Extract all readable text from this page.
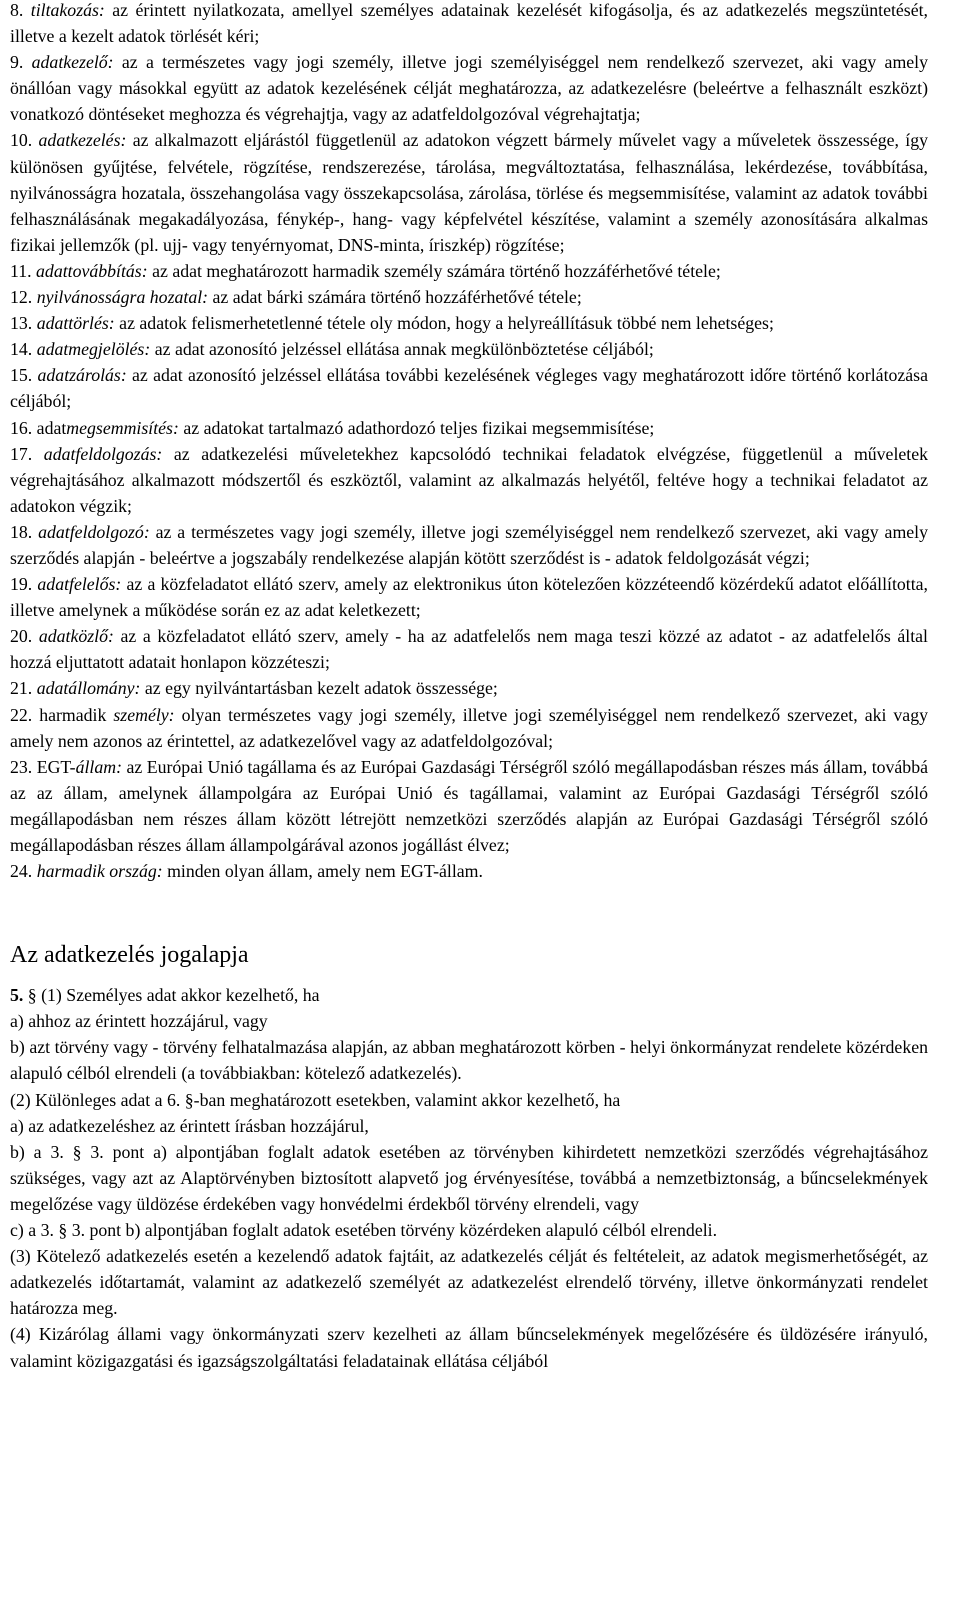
8. tiltakozás: az érintett nyilatkozata, amellyel személyes adatainak kezelését kifogásolja, és az adatkezelés megszüntetését, illetve a kezelt adatok törlését kéri;

9. adatkezelő: az a természetes vagy jogi személy, illetve jogi személyiséggel nem rendelkező szervezet, aki vagy amely önállóan vagy másokkal együtt az adatok kezelésének célját meghatározza, az adatkezelésre (beleértve a felhasznált eszközt) vonatkozó döntéseket meghozza és végrehajtja, vagy az adatfeldolgozóval végrehajtatja;

10. adatkezelés: az alkalmazott eljárástól függetlenül az adatokon végzett bármely művelet vagy a műveletek összessége, így különösen gyűjtése, felvétele, rögzítése, rendszerezése, tárolása, megváltoztatása, felhasználása, lekérdezése, továbbítása, nyilvánosságra hozatala, összehangolása vagy összekapcsolása, zárolása, törlése és megsemmisítése, valamint az adatok további felhasználásának megakadályozása, fénykép-, hang- vagy képfelvétel készítése, valamint a személy azonosítására alkalmas fizikai jellemzők (pl. ujj- vagy tenyérnyomat, DNS-minta, íriszkép) rögzítése;

11. adattovábbítás: az adat meghatározott harmadik személy számára történő hozzáférhetővé tétele;

12. nyilvánosságra hozatal: az adat bárki számára történő hozzáférhetővé tétele;

13. adattörlés: az adatok felismerhetetlenné tétele oly módon, hogy a helyreállításuk többé nem lehetséges;

14. adatmegjelölés: az adat azonosító jelzéssel ellátása annak megkülönböztetése céljából;

15. adatzárolás: az adat azonosító jelzéssel ellátása további kezelésének végleges vagy meghatározott időre történő korlátozása céljából;

16. adatmegsemmisítés: az adatokat tartalmazó adathordozó teljes fizikai megsemmisítése;

17. adatfeldolgozás: az adatkezelési műveletekhez kapcsolódó technikai feladatok elvégzése, függetlenül a műveletek végrehajtásához alkalmazott módszertől és eszköztől, valamint az alkalmazás helyétől, feltéve hogy a technikai feladatot az adatokon végzik;

18. adatfeldolgozó: az a természetes vagy jogi személy, illetve jogi személyiséggel nem rendelkező szervezet, aki vagy amely szerződés alapján - beleértve a jogszabály rendelkezése alapján kötött szerződést is - adatok feldolgozását végzi;

19. adatfelelős: az a közfeladatot ellátó szerv, amely az elektronikus úton kötelezően közzéteendő közérdekű adatot előállította, illetve amelynek a működése során ez az adat keletkezett;

20. adatközlő: az a közfeladatot ellátó szerv, amely - ha az adatfelelős nem maga teszi közzé az adatot - az adatfelelős által hozzá eljuttatott adatait honlapon közzéteszi;

21. adatállomány: az egy nyilvántartásban kezelt adatok összessége;

22. harmadik személy: olyan természetes vagy jogi személy, illetve jogi személyiséggel nem rendelkező szervezet, aki vagy amely nem azonos az érintettel, az adatkezelővel vagy az adatfeldolgozóval;

23. EGT-állam: az Európai Unió tagállama és az Európai Gazdasági Térségről szóló megállapodásban részes más állam, továbbá az az állam, amelynek állampolgára az Európai Unió és tagállamai, valamint az Európai Gazdasági Térségről szóló megállapodásban nem részes állam között létrejött nemzetközi szerződés alapján az Európai Gazdasági Térségről szóló megállapodásban részes állam állampolgárával azonos jogállást élvez;

24. harmadik ország: minden olyan állam, amely nem EGT-állam.

Az adatkezelés jogalapja

5. § (1) Személyes adat akkor kezelhető, ha

a) ahhoz az érintett hozzájárul, vagy

b) azt törvény vagy - törvény felhatalmazása alapján, az abban meghatározott körben - helyi önkormányzat rendelete közérdeken alapuló célból elrendeli (a továbbiakban: kötelező adatkezelés).

(2) Különleges adat a 6. §-ban meghatározott esetekben, valamint akkor kezelhető, ha

a) az adatkezeléshez az érintett írásban hozzájárul,

b) a 3. § 3. pont a) alpontjában foglalt adatok esetében az törvényben kihirdetett nemzetközi szerződés végrehajtásához szükséges, vagy azt az Alaptörvényben biztosított alapvető jog érvényesítése, továbbá a nemzetbiztonság, a bűncselekmények megelőzése vagy üldözése érdekében vagy honvédelmi érdekből törvény elrendeli, vagy

c) a 3. § 3. pont b) alpontjában foglalt adatok esetében törvény közérdeken alapuló célból elrendeli.

(3) Kötelező adatkezelés esetén a kezelendő adatok fajtáit, az adatkezelés célját és feltételeit, az adatok megismerhetőségét, az adatkezelés időtartamát, valamint az adatkezelő személyét az adatkezelést elrendelő törvény, illetve önkormányzati rendelet határozza meg.

(4) Kizárólag állami vagy önkormányzati szerv kezelheti az állam bűncselekmények megelőzésére és üldözésére irányuló, valamint közigazgatási és igazságszolgáltatási feladatainak ellátása céljából
